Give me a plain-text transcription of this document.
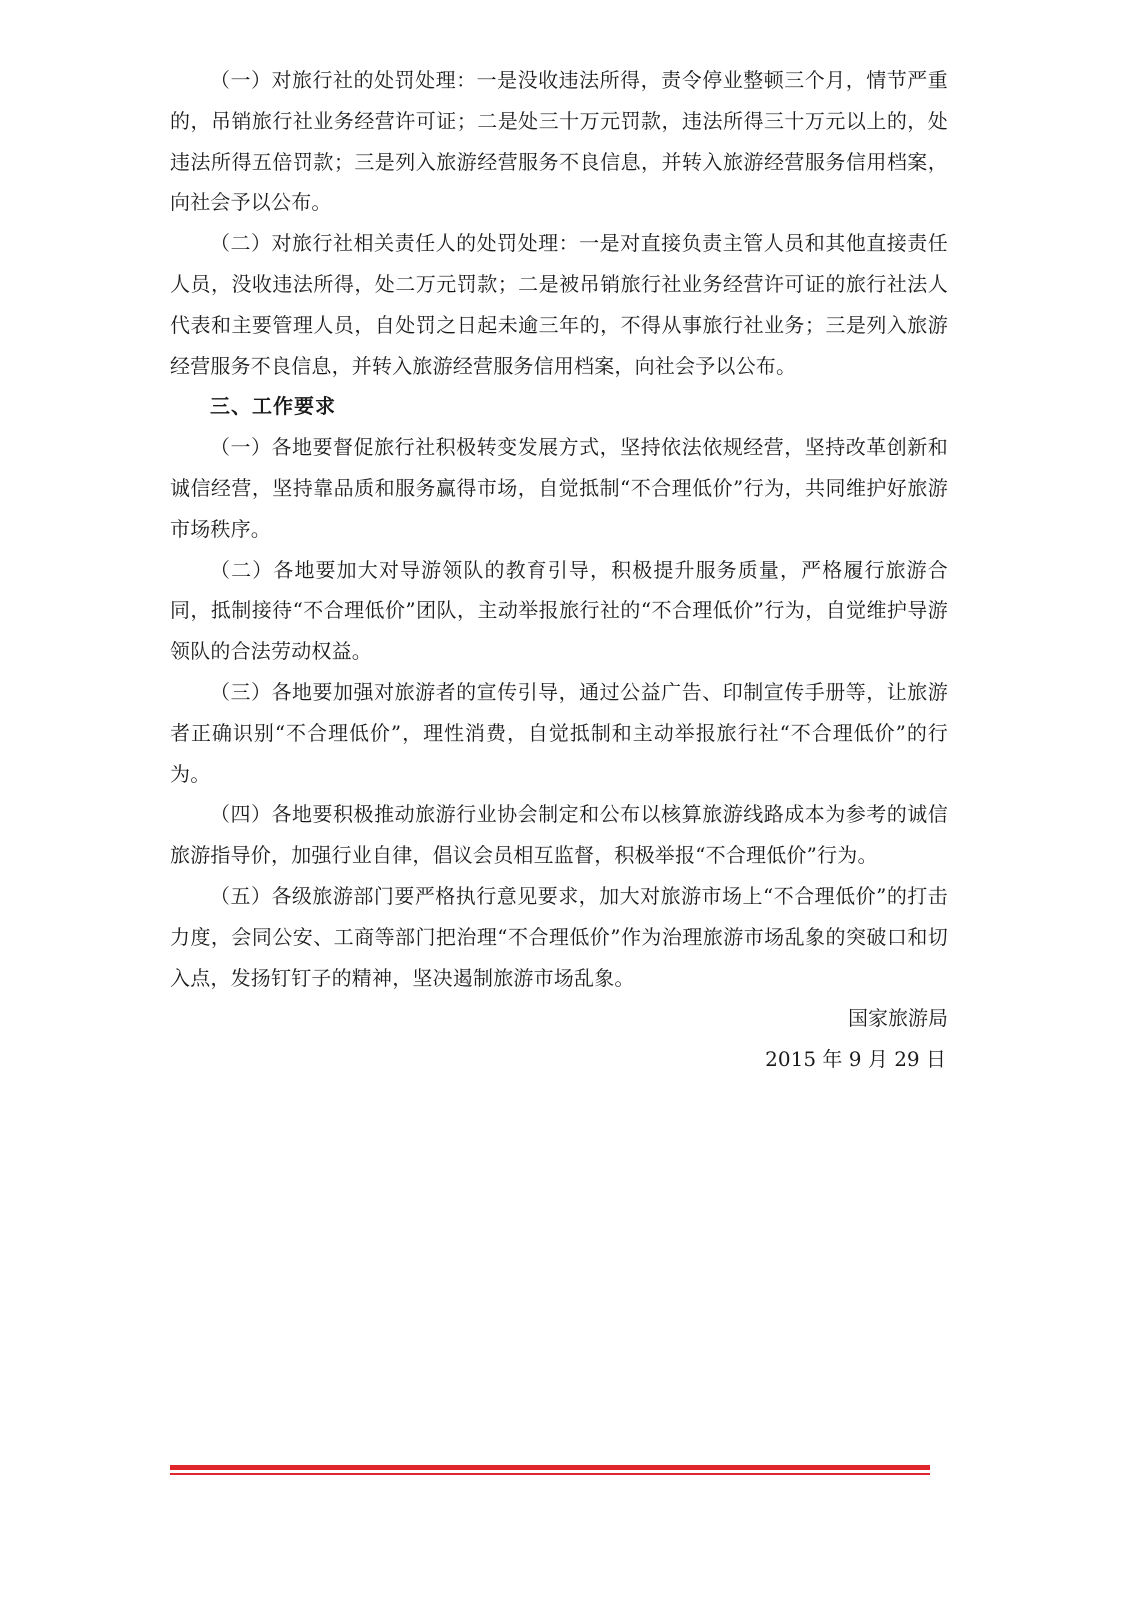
（一）对旅行社的处罚处理：一是没收违法所得，责令停业整顿三个月，情节严重的，吊销旅行社业务经营许可证；二是处三十万元罚款，违法所得三十万元以上的，处违法所得五倍罚款；三是列入旅游经营服务不良信息，并转入旅游经营服务信用档案，向社会予以公布。

（二）对旅行社相关责任人的处罚处理：一是对直接负责主管人员和其他直接责任人员，没收违法所得，处二万元罚款；二是被吊销旅行社业务经营许可证的旅行社法人代表和主要管理人员，自处罚之日起未逾三年的，不得从事旅行社业务；三是列入旅游经营服务不良信息，并转入旅游经营服务信用档案，向社会予以公布。

三、工作要求

（一）各地要督促旅行社积极转变发展方式，坚持依法依规经营，坚持改革创新和诚信经营，坚持靠品质和服务赢得市场，自觉抵制“不合理低价”行为，共同维护好旅游市场秩序。

（二）各地要加大对导游领队的教育引导，积极提升服务质量，严格履行旅游合同，抵制接待“不合理低价”团队，主动举报旅行社的“不合理低价”行为，自觉维护导游领队的合法劳动权益。

（三）各地要加强对旅游者的宣传引导，通过公益广告、印制宣传手册等，让旅游者正确识别“不合理低价”，理性消费，自觉抵制和主动举报旅行社“不合理低价”的行为。

（四）各地要积极推动旅游行业协会制定和公布以核算旅游线路成本为参考的诚信旅游指导价，加强行业自律，倡议会员相互监督，积极举报“不合理低价”行为。

（五）各级旅游部门要严格执行意见要求，加大对旅游市场上“不合理低价”的打击力度，会同公安、工商等部门把治理“不合理低价”作为治理旅游市场乱象的突破口和切入点，发扬钉钉子的精神，坚决遏制旅游市场乱象。

国家旅游局

2015 年 9 月 29 日
